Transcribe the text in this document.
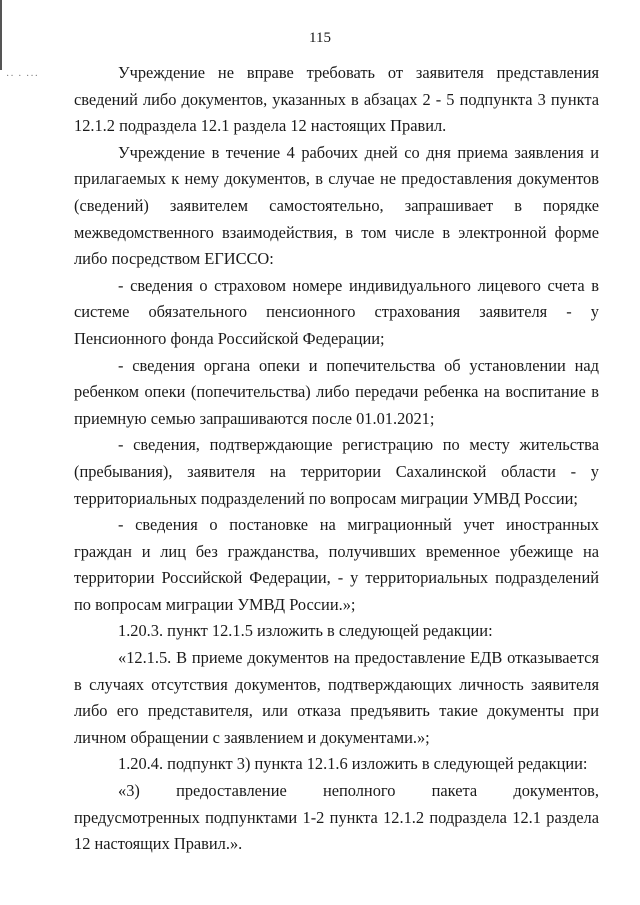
·· · ···
115

Учреждение не вправе требовать от заявителя представления сведений либо документов, указанных в абзацах 2 - 5 подпункта 3 пункта 12.1.2 подраздела 12.1 раздела 12 настоящих Правил.

Учреждение в течение 4 рабочих дней со дня приема заявления и прилагаемых к нему документов, в случае не предоставления документов (сведений) заявителем самостоятельно, запрашивает в порядке межведомственного взаимодействия, в том числе в электронной форме либо посредством ЕГИССО:

- сведения о страховом номере индивидуального лицевого счета в системе обязательного пенсионного страхования заявителя - у Пенсионного фонда Российской Федерации;

- сведения органа опеки и попечительства об установлении над ребенком опеки (попечительства) либо передачи ребенка на воспитание в приемную семью запрашиваются после 01.01.2021;

- сведения, подтверждающие регистрацию по месту жительства (пребывания), заявителя на территории Сахалинской области - у территориальных подразделений по вопросам миграции УМВД России;

- сведения о постановке на миграционный учет иностранных граждан и лиц без гражданства, получивших временное убежище на территории Российской Федерации, - у территориальных подразделений по вопросам миграции УМВД России.»;

1.20.3. пункт 12.1.5 изложить в следующей редакции:

«12.1.5. В приеме документов на предоставление ЕДВ отказывается в случаях отсутствия документов, подтверждающих личность заявителя либо его представителя, или отказа предъявить такие документы при личном обращении с заявлением и документами.»;

1.20.4. подпункт 3) пункта 12.1.6 изложить в следующей редакции:

«3) предоставление неполного пакета документов, предусмотренных подпунктами 1-2 пункта 12.1.2 подраздела 12.1 раздела 12 настоящих Правил.».
